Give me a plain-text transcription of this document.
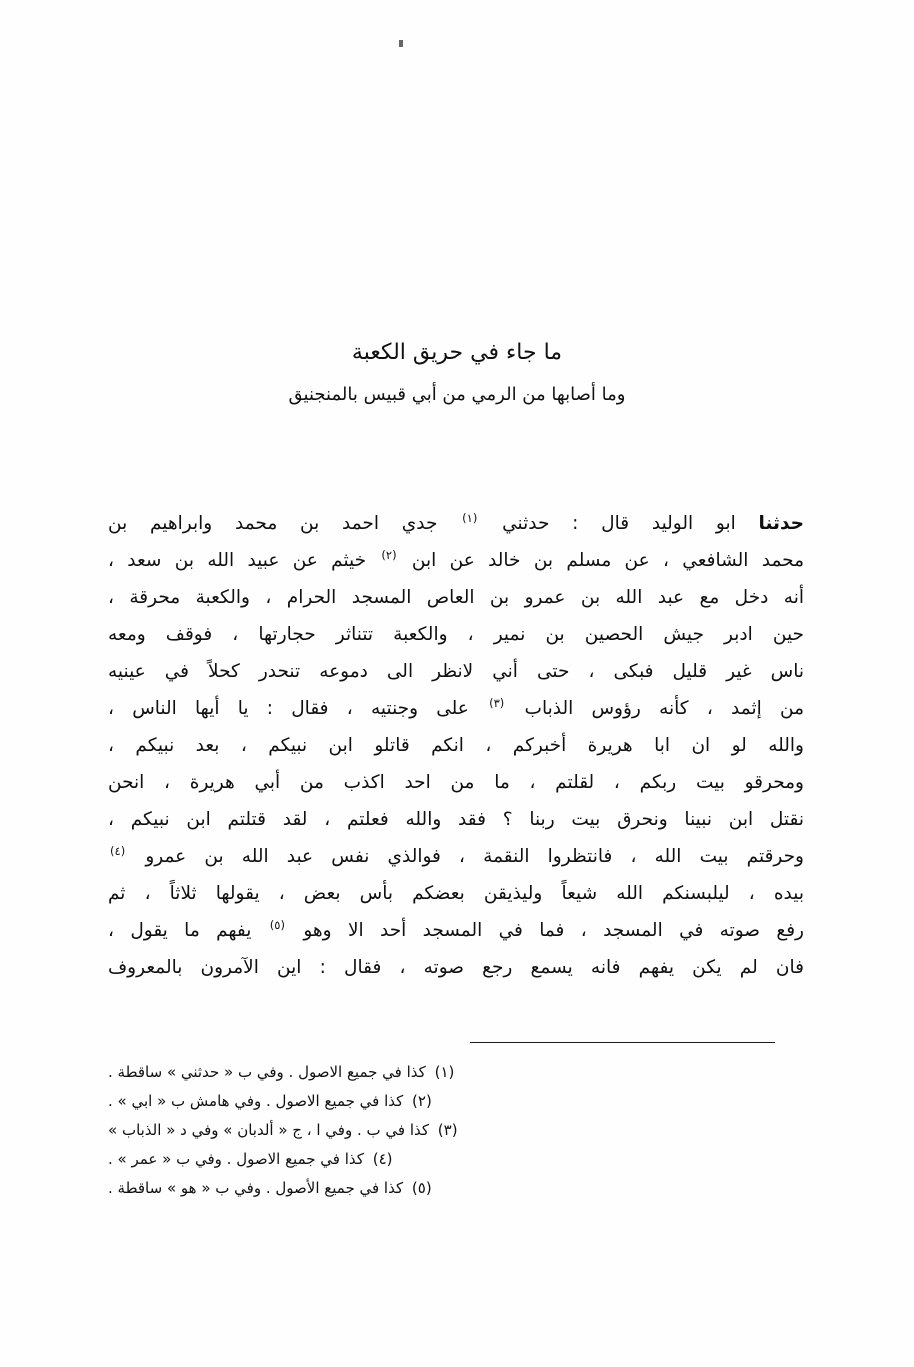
ما جاء في حريق الكعبة
وما أصابها من الرمي من أبي قبيس بالمنجنيق
حدثنا ابو الوليد قال : حدثني $^{(١)}$ جدي احمد بن محمد وابراهيم بن
محمد الشافعي ، عن مسلم بن خالد عن ابن $^{(٢)}$ خيثم عن عبيد الله بن سعد ،
أنه دخل مع عبد الله بن عمرو بن العاص المسجد الحرام ، والكعبة محرقة ،
حين ادبر جيش الحصين بن نمير ، والكعبة تتناثر حجارتها ، فوقف ومعه
ناس غير قليل فبكى ، حتى أني لانظر الى دموعه تنحدر كحلاً في عينيه
من إثمد ، كأنه رؤوس الذباب $^{(٣)}$ على وجنتيه ، فقال : يا أيها الناس ،
والله لو ان ابا هريرة أخبركم ، انكم قاتلو ابن نبيكم ، بعد نبيكم ،
ومحرقو بيت ربكم ، لقلتم ، ما من احد اكذب من أبي هريرة ، انحن
نقتل ابن نبينا ونحرق بيت ربنا ؟ فقد والله فعلتم ، لقد قتلتم ابن نبيكم ،
وحرقتم بيت الله ، فانتظروا النقمة ، فوالذي نفس عبد الله بن عمرو $^{(٤)}$
بيده ، ليلبسنكم الله شيعاً وليذيقن بعضكم بأس بعض ، يقولها ثلاثاً ، ثم
رفع صوته في المسجد ، فما في المسجد أحد الا وهو $^{(٥)}$ يفهم ما يقول ،
فان لم يكن يفهم فانه يسمع رجع صوته ، فقال : اين الآمرون بالمعروف
(١) كذا في جميع الاصول . وفي ب « حدثني » ساقطة .
(٢) كذا في جميع الاصول . وفي هامش ب « ابي » .
(٣) كذا في ب . وفي ا ، ج « ألدبان » وفي د « الذباب »
(٤) كذا في جميع الاصول . وفي ب « عمر » .
(٥) كذا في جميع الأصول . وفي ب « هو » ساقطة .
